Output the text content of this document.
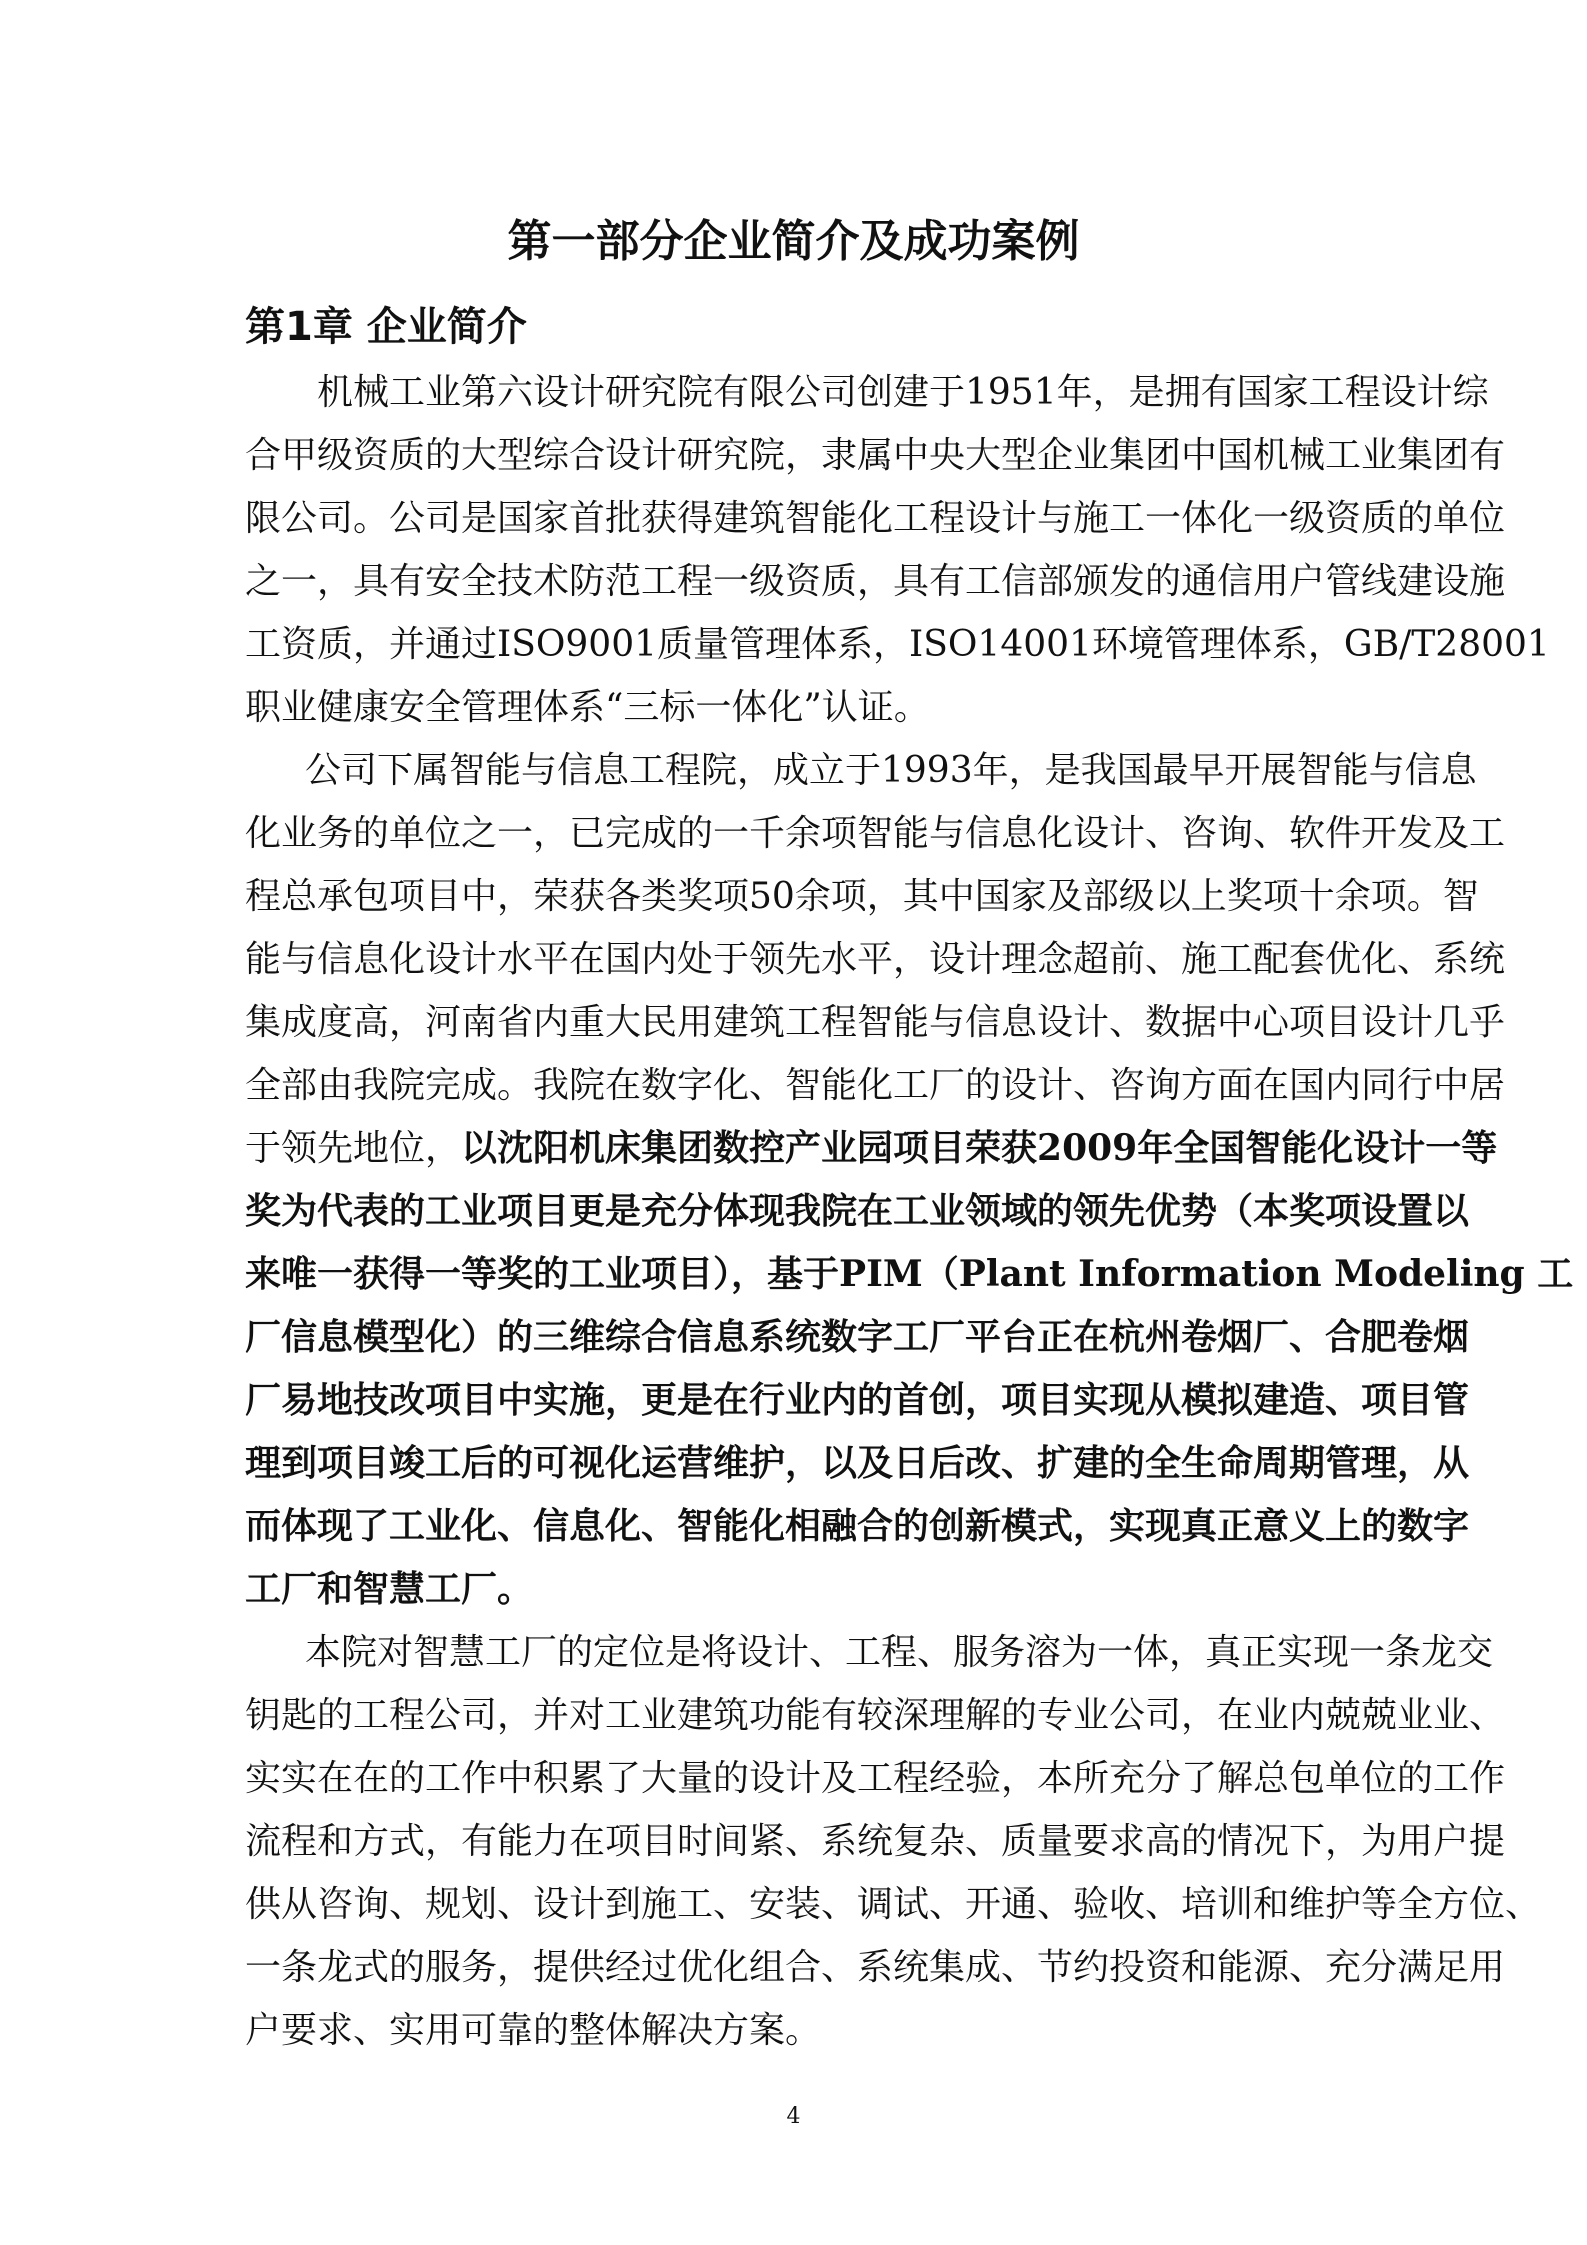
第一部分企业简介及成功案例
第1章 企业简介
机械工业第六设计研究院有限公司创建于1951年，是拥有国家工程设计综
合甲级资质的大型综合设计研究院，隶属中央大型企业集团中国机械工业集团有
限公司。公司是国家首批获得建筑智能化工程设计与施工一体化一级资质的单位
之一，具有安全技术防范工程一级资质，具有工信部颁发的通信用户管线建设施
工资质，并通过ISO9001质量管理体系，ISO14001环境管理体系，GB/T28001
职业健康安全管理体系“三标一体化”认证。
公司下属智能与信息工程院，成立于1993年，是我国最早开展智能与信息
化业务的单位之一，已完成的一千余项智能与信息化设计、咨询、软件开发及工
程总承包项目中，荣获各类奖项50余项，其中国家及部级以上奖项十余项。智
能与信息化设计水平在国内处于领先水平，设计理念超前、施工配套优化、系统
集成度高，河南省内重大民用建筑工程智能与信息设计、数据中心项目设计几乎
全部由我院完成。我院在数字化、智能化工厂的设计、咨询方面在国内同行中居
于领先地位，以沈阳机床集团数控产业园项目荣获2009年全国智能化设计一等
奖为代表的工业项目更是充分体现我院在工业领域的领先优势（本奖项设置以
来唯一获得一等奖的工业项目），基于PIM（Plant Information Modeling 工
厂信息模型化）的三维综合信息系统数字工厂平台正在杭州卷烟厂、合肥卷烟
厂易地技改项目中实施，更是在行业内的首创，项目实现从模拟建造、项目管
理到项目竣工后的可视化运营维护，以及日后改、扩建的全生命周期管理，从
而体现了工业化、信息化、智能化相融合的创新模式，实现真正意义上的数字
工厂和智慧工厂。
本院对智慧工厂的定位是将设计、工程、服务溶为一体，真正实现一条龙交
钥匙的工程公司，并对工业建筑功能有较深理解的专业公司，在业内兢兢业业、
实实在在的工作中积累了大量的设计及工程经验，本所充分了解总包单位的工作
流程和方式，有能力在项目时间紧、系统复杂、质量要求高的情况下，为用户提
供从咨询、规划、设计到施工、安装、调试、开通、验收、培训和维护等全方位、
一条龙式的服务，提供经过优化组合、系统集成、节约投资和能源、充分满足用
户要求、实用可靠的整体解决方案。
4
